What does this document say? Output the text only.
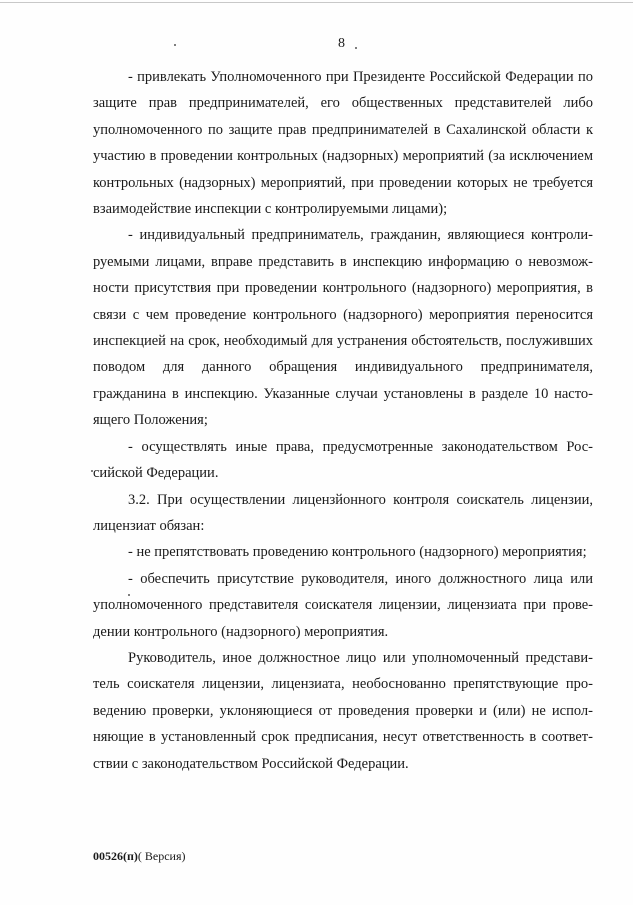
8

- привлекать Уполномоченного при Президенте Российской Федерации по защите прав предпринимателей, его общественных представителей либо уполномоченного по защите прав предпринимателей в Сахалинской области к участию в проведении контрольных (надзорных) мероприятий (за исключением контрольных (надзорных) мероприятий, при проведении которых не требуется взаимодействие инспекции с контролируемыми лицами);

- индивидуальный предприниматель, гражданин, являющиеся контролируемыми лицами, вправе представить в инспекцию информацию о невозможности присутствия при проведении контрольного (надзорного) мероприятия, в связи с чем проведение контрольного (надзорного) мероприятия переносится инспекцией на срок, необходимый для устранения обстоятельств, послуживших поводом для данного обращения индивидуального предпринимателя, гражданина в инспекцию. Указанные случаи установлены в разделе 10 настоящего Положения;

- осуществлять иные права, предусмотренные законодательством Российской Федерации.

3.2. При осуществлении лицензйонного контроля соискатель лицензии, лицензиат обязан:

- не препятствовать проведению контрольного (надзорного) мероприятия;

- обеспечить присутствие руководителя, иного должностного лица или уполномоченного представителя соискателя лицензии, лицензиата при проведении контрольного (надзорного) мероприятия.

Руководитель, иное должностное лицо или уполномоченный представитель соискателя лицензии, лицензиата, необоснованно препятствующие проведению проверки, уклоняющиеся от проведения проверки и (или) не исполняющие в установленный срок предписания, несут ответственность в соответствии с законодательством Российской Федерации.

00526(п)( Версия)
